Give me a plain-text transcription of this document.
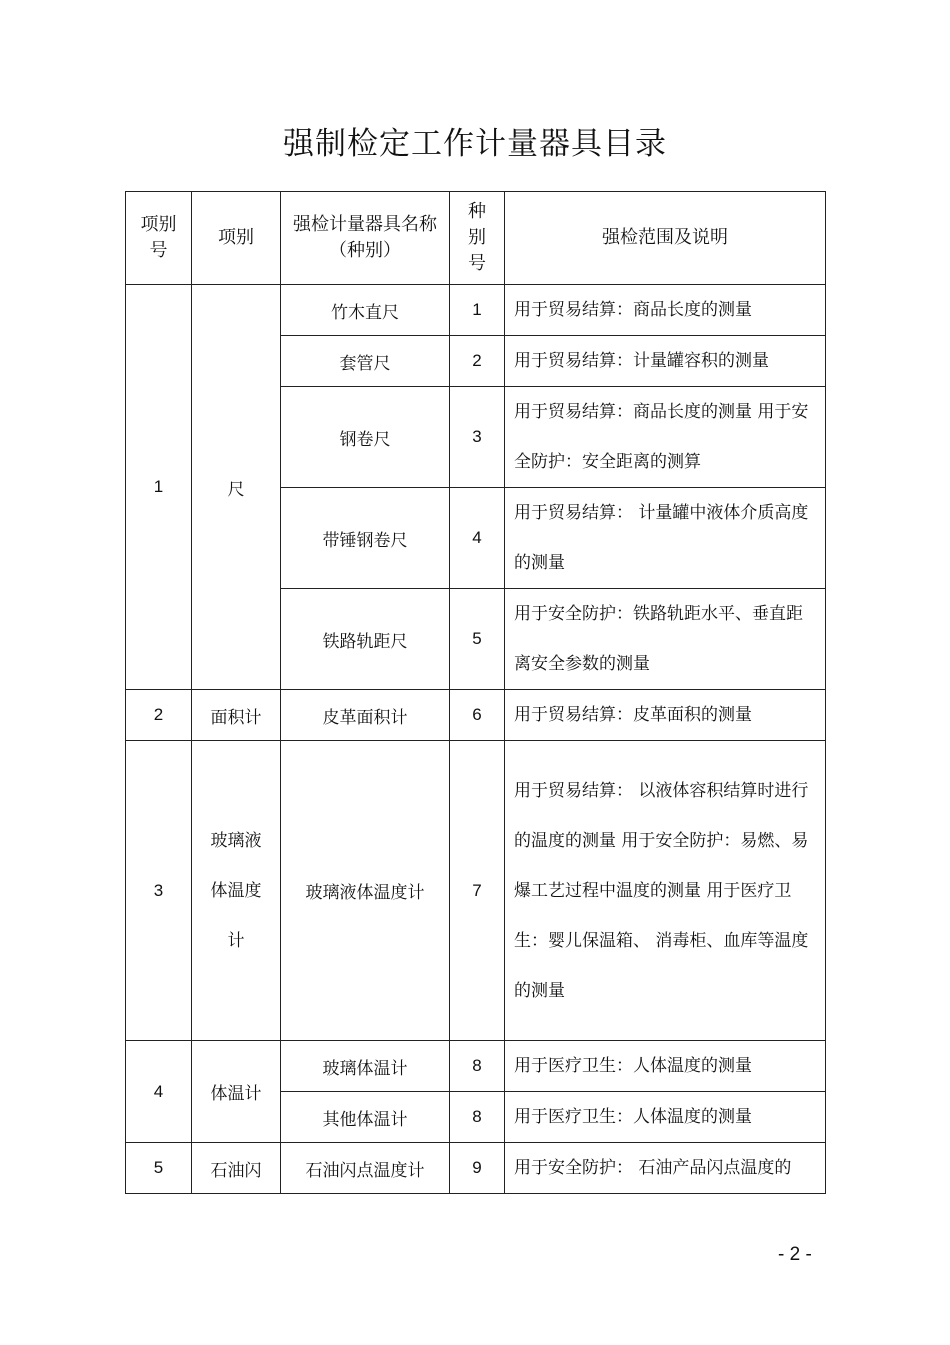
强制检定工作计量器具目录
项别号	项别	强检计量器具名称（种别）	种别号	强检范围及说明
1	尺	竹木直尺	1	用于贸易结算：商品长度的测量
		套管尺	2	用于贸易结算：计量罐容积的测量
		钢卷尺	3	用于贸易结算：商品长度的测量 用于安全防护：安全距离的测算
		带锤钢卷尺	4	用于贸易结算： 计量罐中液体介质高度的测量
		铁路轨距尺	5	用于安全防护：铁路轨距水平、垂直距离安全参数的测量
2	面积计	皮革面积计	6	用于贸易结算：皮革面积的测量
3	玻璃液体温度计	玻璃液体温度计	7	用于贸易结算： 以液体容积结算时进行的温度的测量 用于安全防护：易燃、易爆工艺过程中温度的测量 用于医疗卫生：婴儿保温箱、 消毒柜、血库等温度的测量
4	体温计	玻璃体温计	8	用于医疗卫生：人体温度的测量
		其他体温计	8	用于医疗卫生：人体温度的测量
5	石油闪	石油闪点温度计	9	用于安全防护： 石油产品闪点温度的
- 2 -
